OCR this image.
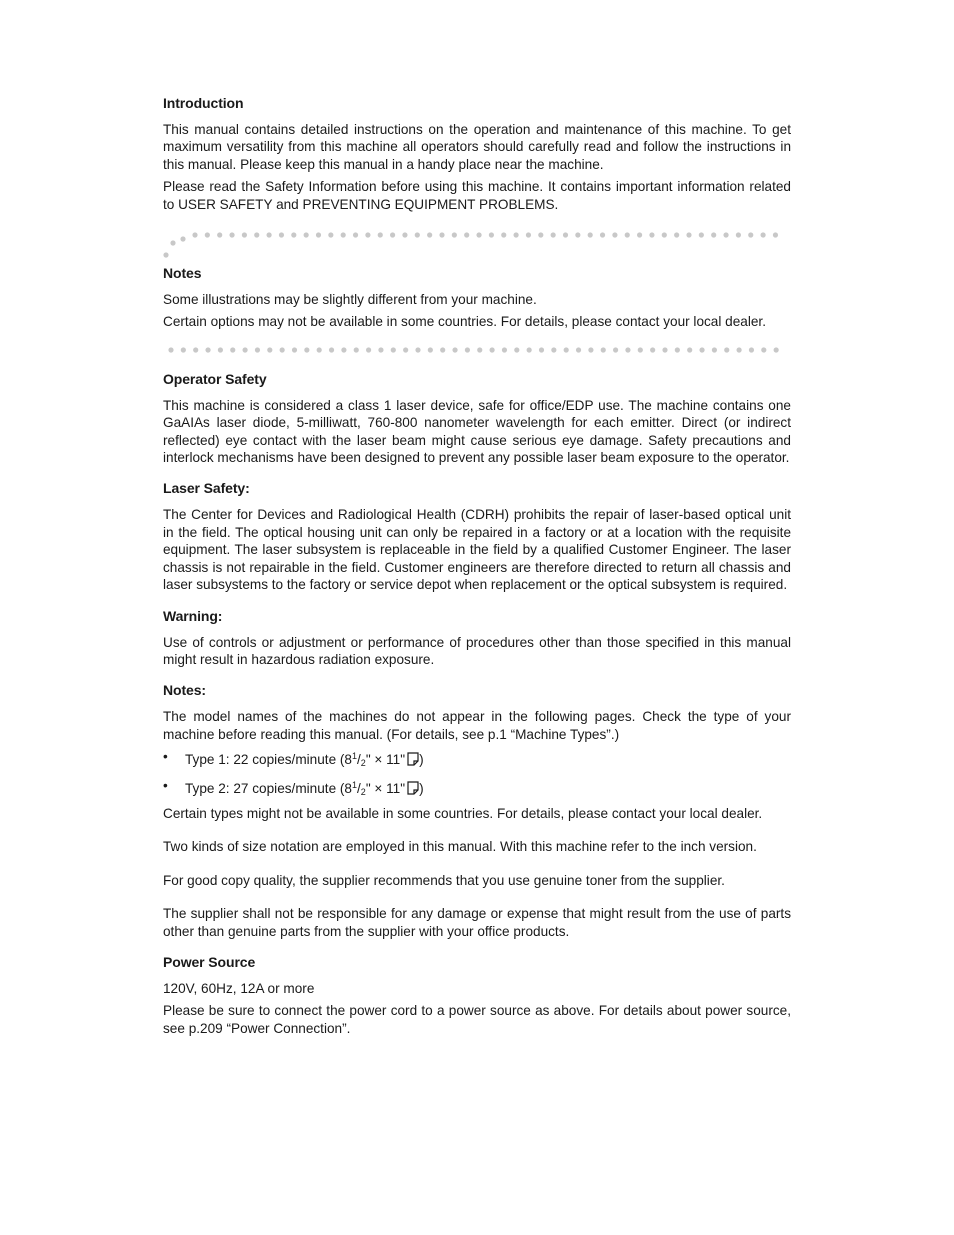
Introduction

This manual contains detailed instructions on the operation and maintenance of this machine. To get maximum versatility from this machine all operators should carefully read and follow the instructions in this manual. Please keep this manual in a handy place near the machine.

Please read the Safety Information before using this machine. It contains important information related to USER SAFETY and PREVENTING EQUIPMENT PROBLEMS.

Notes

Some illustrations may be slightly different from your machine.

Certain options may not be available in some countries. For details, please contact your local dealer.

Operator Safety

This machine is considered a class 1 laser device, safe for office/EDP use. The machine contains one GaAIAs laser diode, 5-milliwatt, 760-800 nanometer wavelength for each emitter. Direct (or indirect reflected) eye contact with the laser beam might cause serious eye damage. Safety precautions and interlock mechanisms have been designed to prevent any possible laser beam exposure to the operator.

Laser Safety:

The Center for Devices and Radiological Health (CDRH) prohibits the repair of laser-based optical unit in the field. The optical housing unit can only be repaired in a factory or at a location with the requisite equipment. The laser subsystem is replaceable in the field by a qualified Customer Engineer. The laser chassis is not repairable in the field. Customer engineers are therefore directed to return all chassis and laser subsystems to the factory or service depot when replacement or the optical subsystem is required.

Warning:

Use of controls or adjustment or performance of procedures other than those specified in this manual might result in hazardous radiation exposure.

Notes:

The model names of the machines do not appear in the following pages. Check the type of your machine before reading this manual. (For details, see p.1 “Machine Types”.)

• Type 1: 22 copies/minute ($8^1/_2$" × 11" )
• Type 2: 27 copies/minute ($8^1/_2$" × 11" )

Certain types might not be available in some countries. For details, please contact your local dealer.

Two kinds of size notation are employed in this manual. With this machine refer to the inch version.

For good copy quality, the supplier recommends that you use genuine toner from the supplier.

The supplier shall not be responsible for any damage or expense that might result from the use of parts other than genuine parts from the supplier with your office products.

Power Source

120V, 60Hz, 12A or more

Please be sure to connect the power cord to a power source as above. For details about power source, see p.209 “Power Connection”.
